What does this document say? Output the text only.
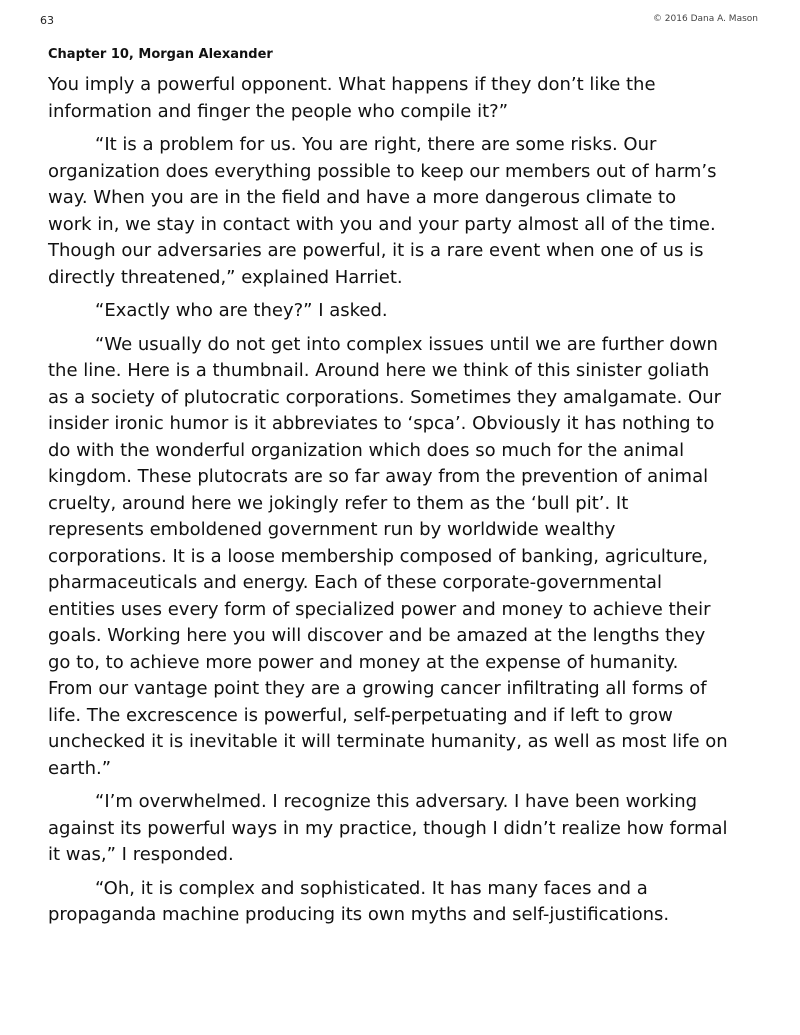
63	© 2016 Dana A. Mason
Chapter 10, Morgan Alexander

You imply a powerful opponent. What happens if they don’t like the
information and finger the people who compile it?”

“It is a problem for us. You are right, there are some risks. Our
organization does everything possible to keep our members out of harm’s
way. When you are in the field and have a more dangerous climate to
work in, we stay in contact with you and your party almost all of the time.
Though our adversaries are powerful, it is a rare event when one of us is
directly threatened,” explained Harriet.

“Exactly who are they?” I asked.

“We usually do not get into complex issues until we are further down
the line. Here is a thumbnail. Around here we think of this sinister goliath
as a society of plutocratic corporations. Sometimes they amalgamate. Our
insider ironic humor is it abbreviates to ‘spca’. Obviously it has nothing to
do with the wonderful organization which does so much for the animal
kingdom. These plutocrats are so far away from the prevention of animal
cruelty, around here we jokingly refer to them as the ‘bull pit’. It
represents emboldened government run by worldwide wealthy
corporations. It is a loose membership composed of banking, agriculture,
pharmaceuticals and energy. Each of these corporate-governmental
entities uses every form of specialized power and money to achieve their
goals. Working here you will discover and be amazed at the lengths they
go to, to achieve more power and money at the expense of humanity.
From our vantage point they are a growing cancer infiltrating all forms of
life. The excrescence is powerful, self-perpetuating and if left to grow
unchecked it is inevitable it will terminate humanity, as well as most life on
earth.”

“I’m overwhelmed. I recognize this adversary. I have been working
against its powerful ways in my practice, though I didn’t realize how formal
it was,” I responded.

“Oh, it is complex and sophisticated. It has many faces and a
propaganda machine producing its own myths and self-justifications.
